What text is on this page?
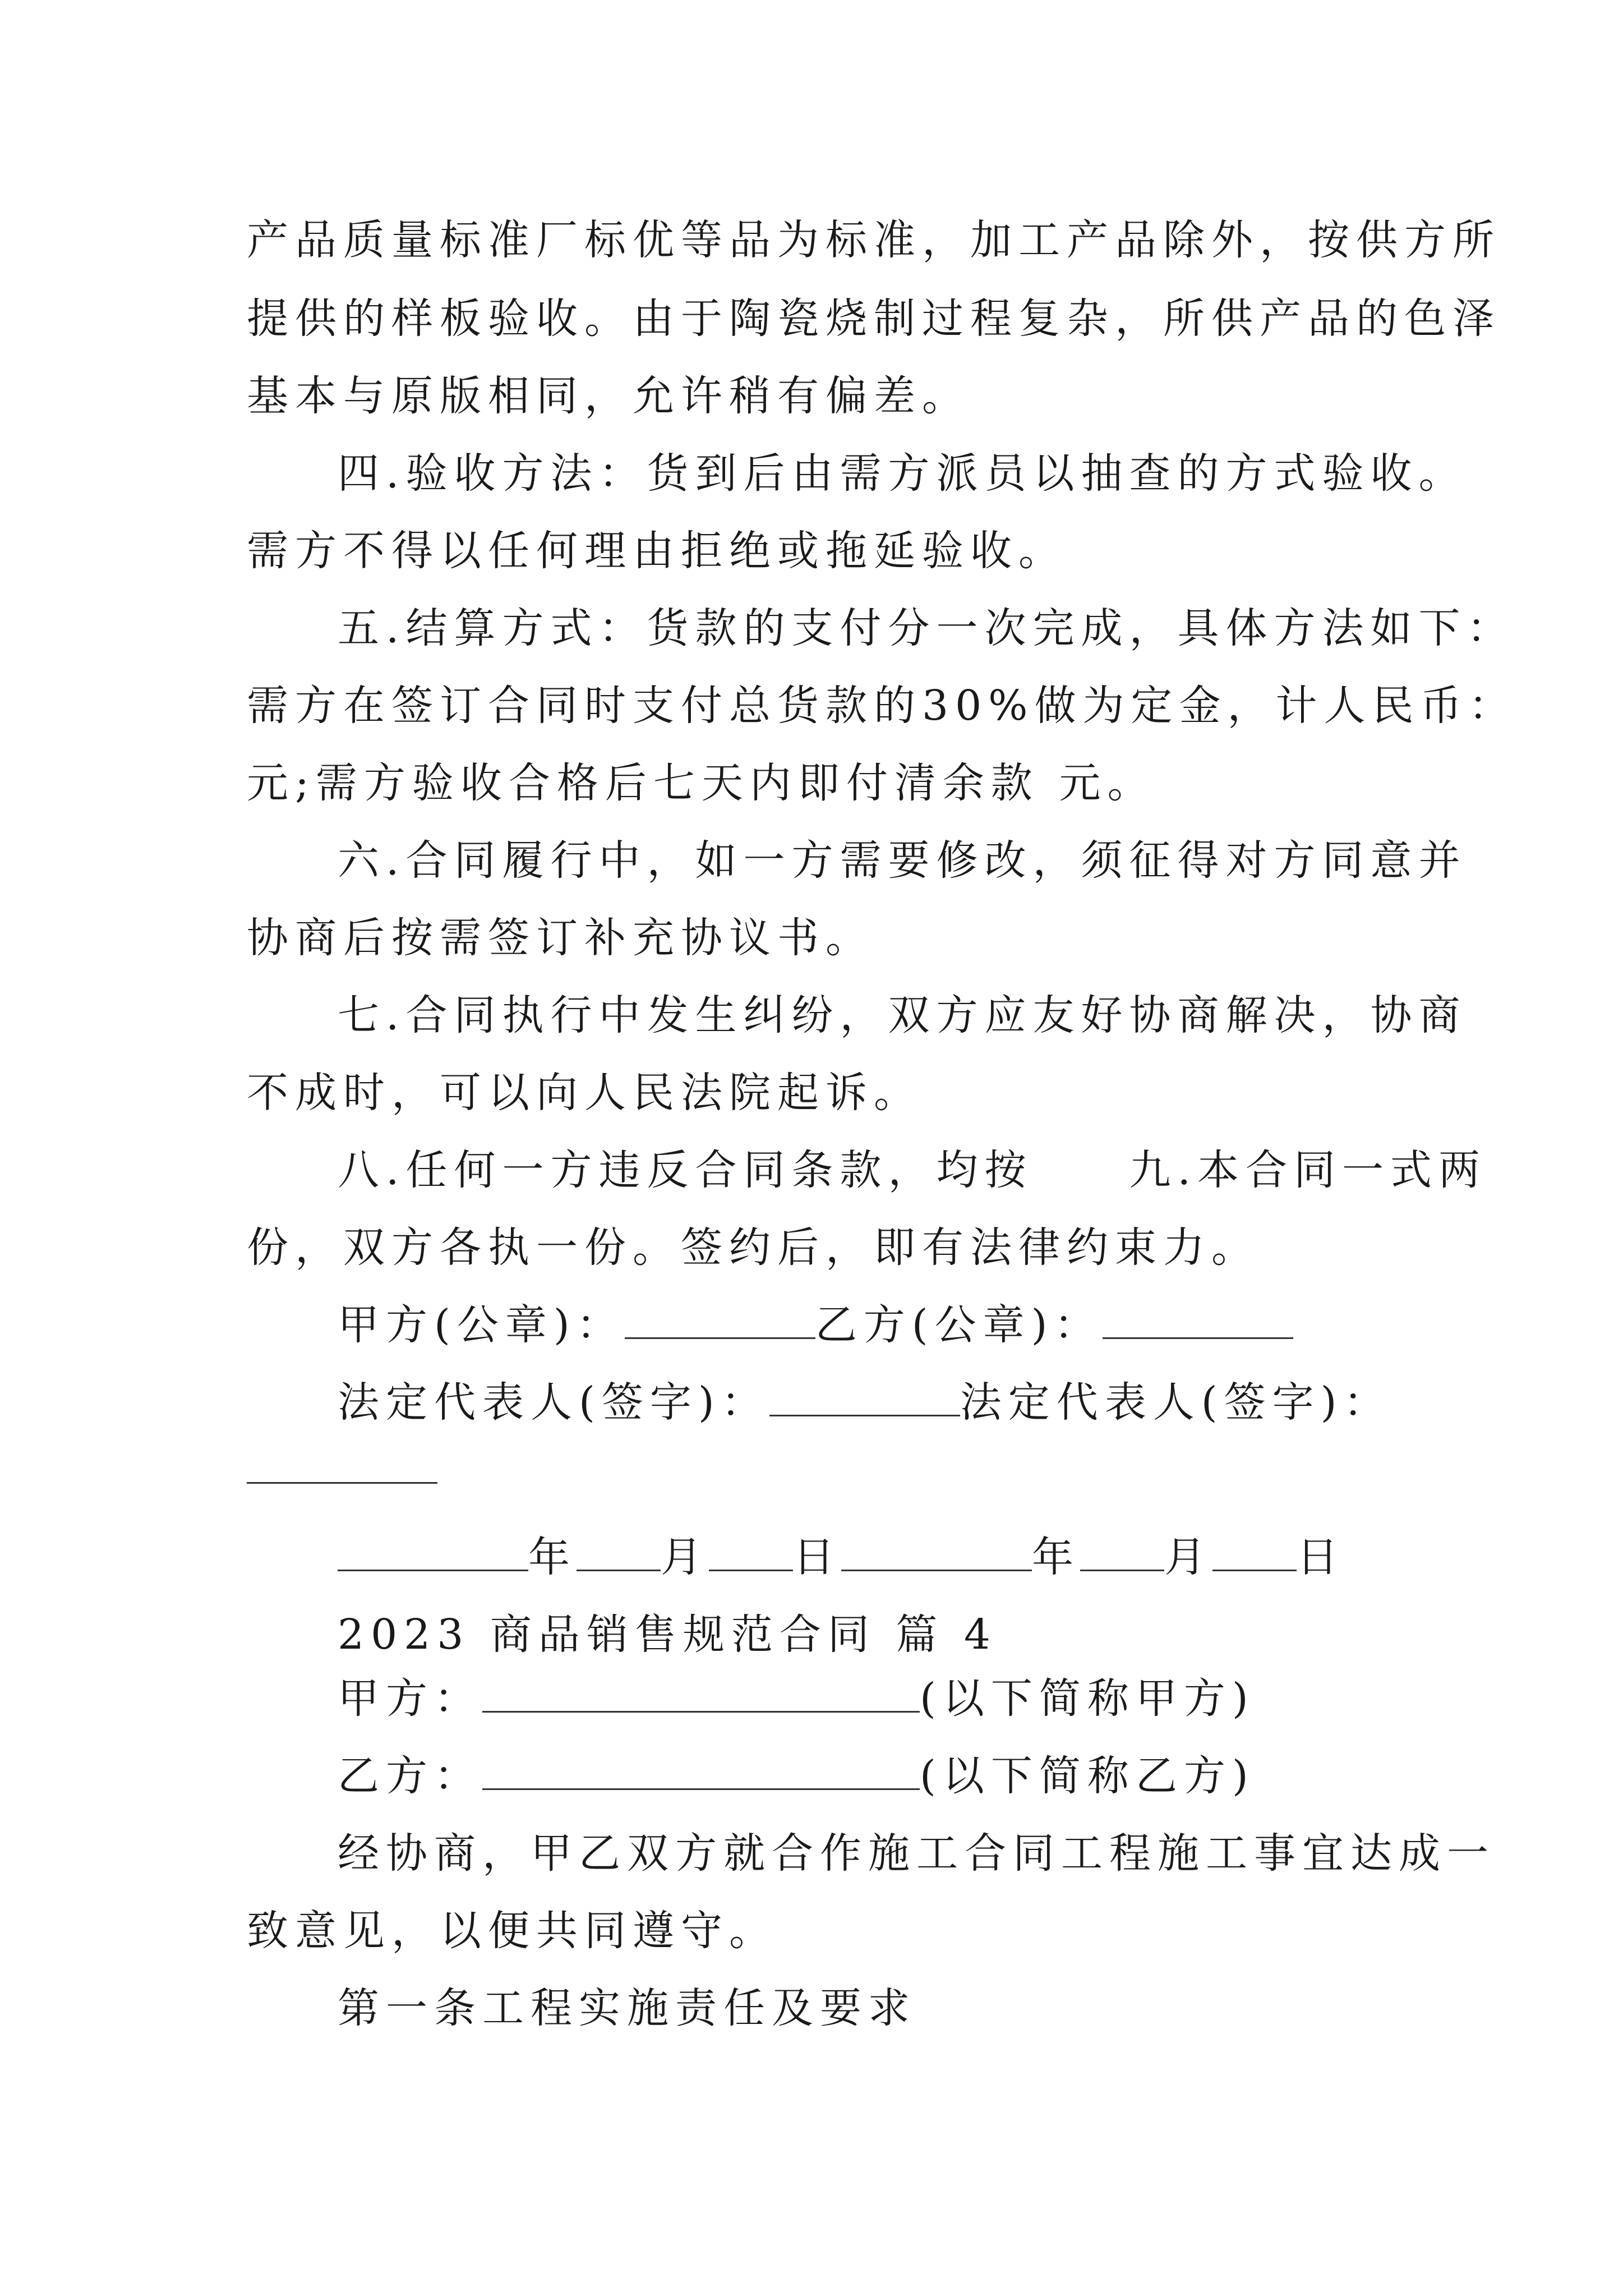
产品质量标准厂标优等品为标准，加工产品除外，按供方所
提供的样板验收。由于陶瓷烧制过程复杂，所供产品的色泽
基本与原版相同，允许稍有偏差。
四.验收方法：货到后由需方派员以抽查的方式验收。
需方不得以任何理由拒绝或拖延验收。
五.结算方式：货款的支付分一次完成，具体方法如下：
需方在签订合同时支付总货款的30%做为定金，计人民币：
元;需方验收合格后七天内即付清余款 元。
六.合同履行中，如一方需要修改，须征得对方同意并
协商后按需签订补充协议书。
七.合同执行中发生纠纷，双方应友好协商解决，协商
不成时，可以向人民法院起诉。
八.任何一方违反合同条款，均按　　九.本合同一式两
份，双方各执一份。签约后，即有法律约束力。
甲方(公章)：	乙方(公章)：
法定代表人(签字)：	法定代表人(签字)：
年 月 日	年 月 日
2023 商品销售规范合同 篇 4
甲方：	(以下简称甲方)
乙方：	(以下简称乙方)
经协商，甲乙双方就合作施工合同工程施工事宜达成一
致意见，以便共同遵守。
第一条工程实施责任及要求
